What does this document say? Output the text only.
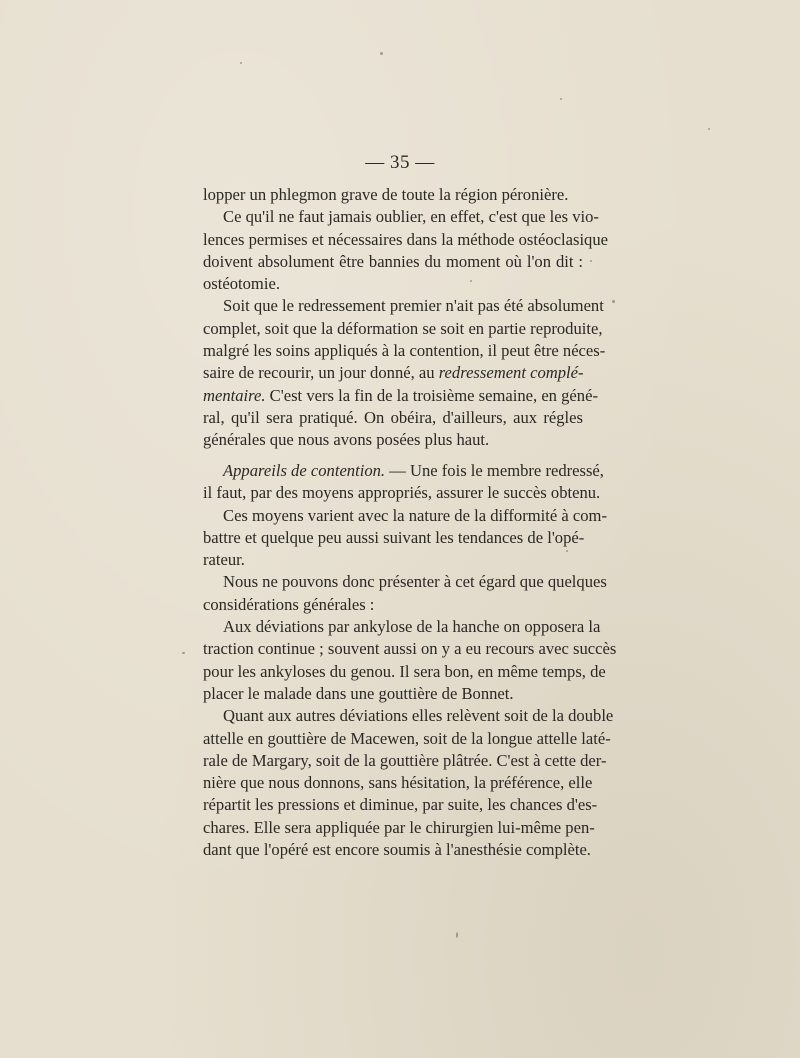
— 35 —
lopper un phlegmon grave de toute la région péronière.
Ce qu'il ne faut jamais oublier, en effet, c'est que les vio-
lences permises et nécessaires dans la méthode ostéoclasique
doivent absolument être bannies du moment où l'on dit :
ostéotomie.
Soit que le redressement premier n'ait pas été absolument
complet, soit que la déformation se soit en partie reproduite,
malgré les soins appliqués à la contention, il peut être néces-
saire de recourir, un jour donné, au redressement complé-
mentaire. C'est vers la fin de la troisième semaine, en géné-
ral, qu'il sera pratiqué. On obéira, d'ailleurs, aux régles
générales que nous avons posées plus haut.
Appareils de contention. — Une fois le membre redressé,
il faut, par des moyens appropriés, assurer le succès obtenu.
Ces moyens varient avec la nature de la difformité à com-
battre et quelque peu aussi suivant les tendances de l'opé-
rateur.
Nous ne pouvons donc présenter à cet égard que quelques
considérations générales :
Aux déviations par ankylose de la hanche on opposera la
traction continue ; souvent aussi on y a eu recours avec succès
pour les ankyloses du genou. Il sera bon, en même temps, de
placer le malade dans une gouttière de Bonnet.
Quant aux autres déviations elles relèvent soit de la double
attelle en gouttière de Macewen, soit de la longue attelle laté-
rale de Margary, soit de la gouttière plâtrée. C'est à cette der-
nière que nous donnons, sans hésitation, la préférence, elle
répartit les pressions et diminue, par suite, les chances d'es-
chares. Elle sera appliquée par le chirurgien lui-même pen-
dant que l'opéré est encore soumis à l'anesthésie complète.
